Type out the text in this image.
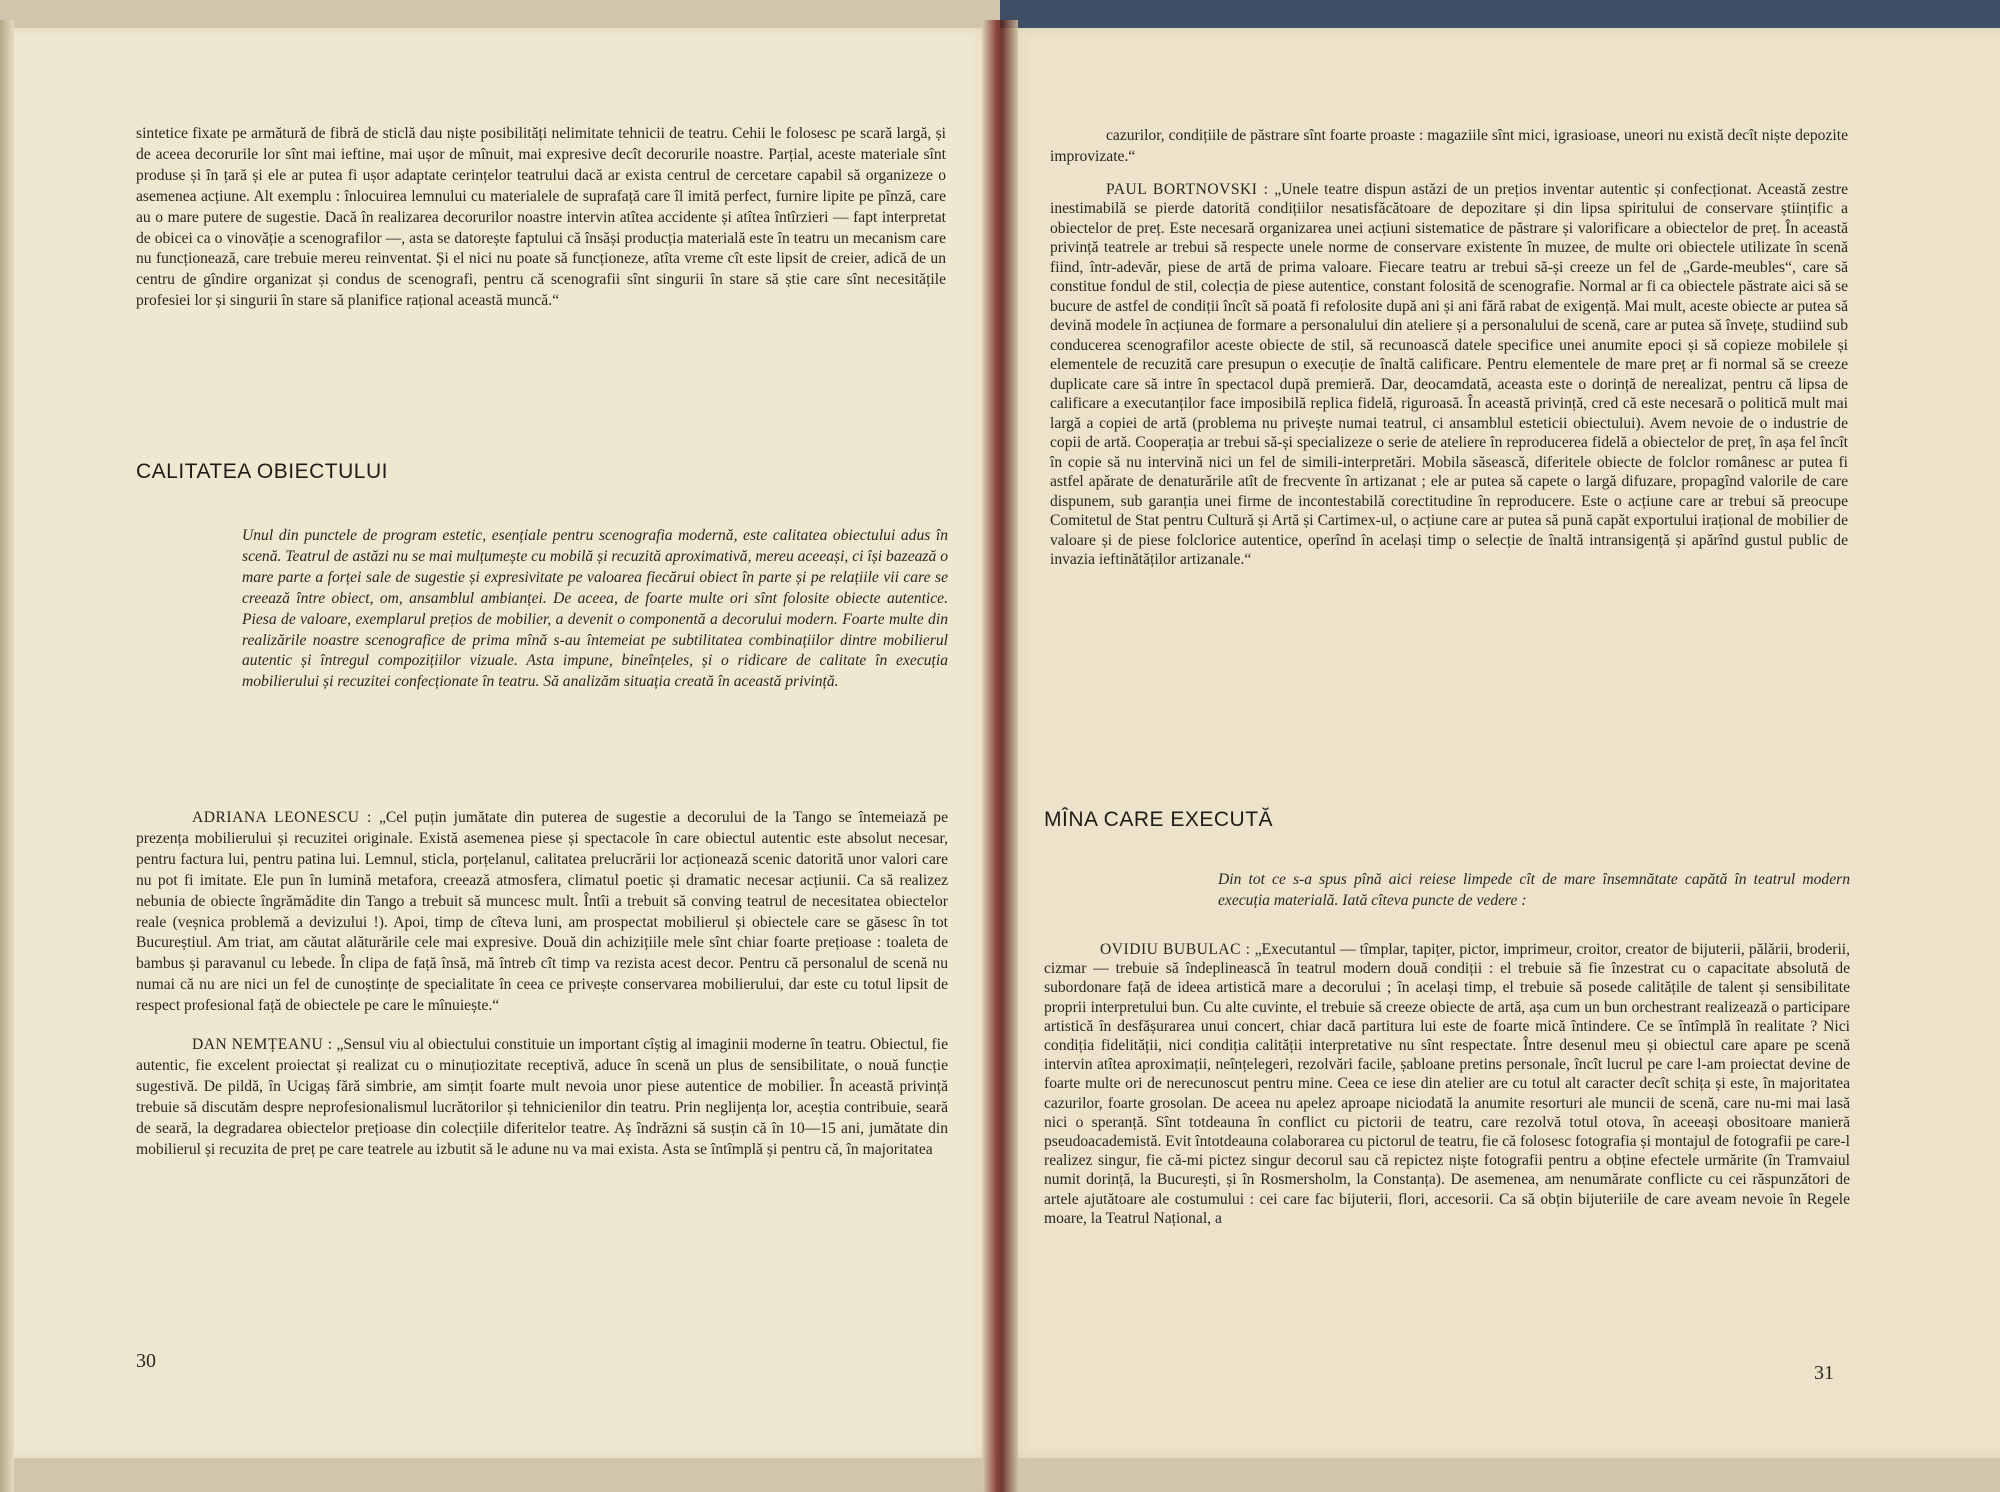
sintetice fixate pe armătură de fibră de sticlă dau niște posibilități nelimitate tehnicii de teatru. Cehii le folosesc pe scară largă, și de aceea decorurile lor sînt mai ieftine, mai ușor de mînuit, mai expresive decît decorurile noastre. Parțial, aceste materiale sînt produse și în țară și ele ar putea fi ușor adaptate cerințelor teatrului dacă ar exista centrul de cercetare capabil să organizeze o asemenea acțiune. Alt exemplu : înlocuirea lemnului cu materialele de suprafață care îl imită perfect, furnire lipite pe pînză, care au o mare putere de sugestie. Dacă în realizarea decorurilor noastre intervin atîtea accidente și atîtea întîrzieri — fapt interpretat de obicei ca o vinovăție a scenografilor —, asta se datorește faptului că însăși producția materială este în teatru un mecanism care nu funcționează, care trebuie mereu reinventat. Și el nici nu poate să funcționeze, atîta vreme cît este lipsit de creier, adică de un centru de gîndire organizat și condus de scenografi, pentru că scenografii sînt singurii în stare să știe care sînt necesitățile profesiei lor și singurii în stare să planifice rațional această muncă.“

CALITATEA OBIECTULUI
Unul din punctele de program estetic, esențiale pentru scenografia modernă, este calitatea obiectului adus în scenă. Teatrul de astăzi nu se mai mulțumește cu mobilă și recuzită aproximativă, mereu aceeași, ci își bazează o mare parte a forței sale de sugestie și expresivitate pe valoarea fiecărui obiect în parte și pe relațiile vii care se creează între obiect, om, ansamblul ambianței. De aceea, de foarte multe ori sînt folosite obiecte autentice. Piesa de valoare, exemplarul prețios de mobilier, a devenit o componentă a decorului modern. Foarte multe din realizările noastre scenografice de prima mînă s-au întemeiat pe subtilitatea combinațiilor dintre mobilierul autentic și întregul compozițiilor vizuale. Asta impune, bineînțeles, și o ridicare de calitate în execuția mobilierului și recuzitei confecționate în teatru. Să analizăm situația creată în această privință.

ADRIANA LEONESCU : „Cel puțin jumătate din puterea de sugestie a decorului de la Tango se întemeiază pe prezența mobilierului și recuzitei originale. Există asemenea piese și spectacole în care obiectul autentic este absolut necesar, pentru factura lui, pentru patina lui. Lemnul, sticla, porțelanul, calitatea prelucrării lor acționează scenic datorită unor valori care nu pot fi imitate. Ele pun în lumină metafora, creează atmosfera, climatul poetic și dramatic necesar acțiunii. Ca să realizez nebunia de obiecte îngrămădite din Tango a trebuit să muncesc mult. Întîi a trebuit să conving teatrul de necesitatea obiectelor reale (veșnica problemă a devizului !). Apoi, timp de cîteva luni, am prospectat mobilierul și obiectele care se găsesc în tot Bucureștiul. Am triat, am căutat alăturările cele mai expresive. Două din achizițiile mele sînt chiar foarte prețioase : toaleta de bambus și paravanul cu lebede. În clipa de față însă, mă întreb cît timp va rezista acest decor. Pentru că personalul de scenă nu numai că nu are nici un fel de cunoștințe de specialitate în ceea ce privește conservarea mobilierului, dar este cu totul lipsit de respect profesional față de obiectele pe care le mînuiește.“

DAN NEMȚEANU : „Sensul viu al obiectului constituie un important cîștig al imaginii moderne în teatru. Obiectul, fie autentic, fie excelent proiectat și realizat cu o minuțiozitate receptivă, aduce în scenă un plus de sensibilitate, o nouă funcție sugestivă. De pildă, în Ucigaș fără simbrie, am simțit foarte mult nevoia unor piese autentice de mobilier. În această privință trebuie să discutăm despre neprofesionalismul lucrătorilor și tehnicienilor din teatru. Prin neglijența lor, aceștia contribuie, seară de seară, la degradarea obiectelor prețioase din colecțiile diferitelor teatre. Aș îndrăzni să susțin că în 10—15 ani, jumătate din mobilierul și recuzita de preț pe care teatrele au izbutit să le adune nu va mai exista. Asta se întîmplă și pentru că, în majoritatea

30

cazurilor, condițiile de păstrare sînt foarte proaste : magaziile sînt mici, igrasioase, uneori nu există decît niște depozite improvizate.“

PAUL BORTNOVSKI : „Unele teatre dispun astăzi de un prețios inventar autentic și confecționat. Această zestre inestimabilă se pierde datorită condițiilor nesatisfăcătoare de depozitare și din lipsa spiritului de conservare științific a obiectelor de preț. Este necesară organizarea unei acțiuni sistematice de păstrare și valorificare a obiectelor de preț. În această privință teatrele ar trebui să respecte unele norme de conservare existente în muzee, de multe ori obiectele utilizate în scenă fiind, într-adevăr, piese de artă de prima valoare. Fiecare teatru ar trebui să-și creeze un fel de „Garde-meubles“, care să constitue fondul de stil, colecția de piese autentice, constant folosită de scenografie. Normal ar fi ca obiectele păstrate aici să se bucure de astfel de condiții încît să poată fi refolosite după ani și ani fără rabat de exigență. Mai mult, aceste obiecte ar putea să devină modele în acțiunea de formare a personalului din ateliere și a personalului de scenă, care ar putea să învețe, studiind sub conducerea scenografilor aceste obiecte de stil, să recunoască datele specifice unei anumite epoci și să copieze mobilele și elementele de recuzită care presupun o execuție de înaltă calificare. Pentru elementele de mare preț ar fi normal să se creeze duplicate care să intre în spectacol după premieră. Dar, deocamdată, aceasta este o dorință de nerealizat, pentru că lipsa de calificare a executanților face imposibilă replica fidelă, riguroasă. În această privință, cred că este necesară o politică mult mai largă a copiei de artă (problema nu privește numai teatrul, ci ansamblul esteticii obiectului). Avem nevoie de o industrie de copii de artă. Cooperația ar trebui să-și specializeze o serie de ateliere în reproducerea fidelă a obiectelor de preț, în așa fel încît în copie să nu intervină nici un fel de simili-interpretări. Mobila săsească, diferitele obiecte de folclor românesc ar putea fi astfel apărate de denaturările atît de frecvente în artizanat ; ele ar putea să capete o largă difuzare, propagînd valorile de care dispunem, sub garanția unei firme de incontestabilă corectitudine în reproducere. Este o acțiune care ar trebui să preocupe Comitetul de Stat pentru Cultură și Artă și Cartimex-ul, o acțiune care ar putea să pună capăt exportului irațional de mobilier de valoare și de piese folclorice autentice, operînd în același timp o selecție de înaltă intransigență și apărînd gustul public de invazia ieftinătăților artizanale.“

MÎNA CARE EXECUTĂ
Din tot ce s-a spus pînă aici reiese limpede cît de mare însemnătate capătă în teatrul modern execuția materială. Iată cîteva puncte de vedere :

OVIDIU BUBULAC : „Executantul — tîmplar, tapițer, pictor, imprimeur, croitor, creator de bijuterii, pălării, broderii, cizmar — trebuie să îndeplinească în teatrul modern două condiții : el trebuie să fie înzestrat cu o capacitate absolută de subordonare față de ideea artistică mare a decorului ; în același timp, el trebuie să posede calitățile de talent și sensibilitate proprii interpretului bun. Cu alte cuvinte, el trebuie să creeze obiecte de artă, așa cum un bun orchestrant realizează o participare artistică în desfășurarea unui concert, chiar dacă partitura lui este de foarte mică întindere. Ce se întîmplă în realitate ? Nici condiția fidelității, nici condiția calității interpretative nu sînt respectate. Între desenul meu și obiectul care apare pe scenă intervin atîtea aproximații, neînțelegeri, rezolvări facile, șabloane pretins personale, încît lucrul pe care l-am proiectat devine de foarte multe ori de nerecunoscut pentru mine. Ceea ce iese din atelier are cu totul alt caracter decît schița și este, în majoritatea cazurilor, foarte grosolan. De aceea nu apelez aproape niciodată la anumite resorturi ale muncii de scenă, care nu-mi mai lasă nici o speranță. Sînt totdeauna în conflict cu pictorii de teatru, care rezolvă totul otova, în aceeași obositoare manieră pseudoacademistă. Evit întotdeauna colaborarea cu pictorul de teatru, fie că folosesc fotografia și montajul de fotografii pe care-l realizez singur, fie că-mi pictez singur decorul sau că repictez niște fotografii pentru a obține efectele urmărite (în Tramvaiul numit dorință, la București, și în Rosmersholm, la Constanța). De asemenea, am nenumărate conflicte cu cei răspunzători de artele ajutătoare ale costumului : cei care fac bijuterii, flori, accesorii. Ca să obțin bijuteriile de care aveam nevoie în Regele moare, la Teatrul Național, a

31
